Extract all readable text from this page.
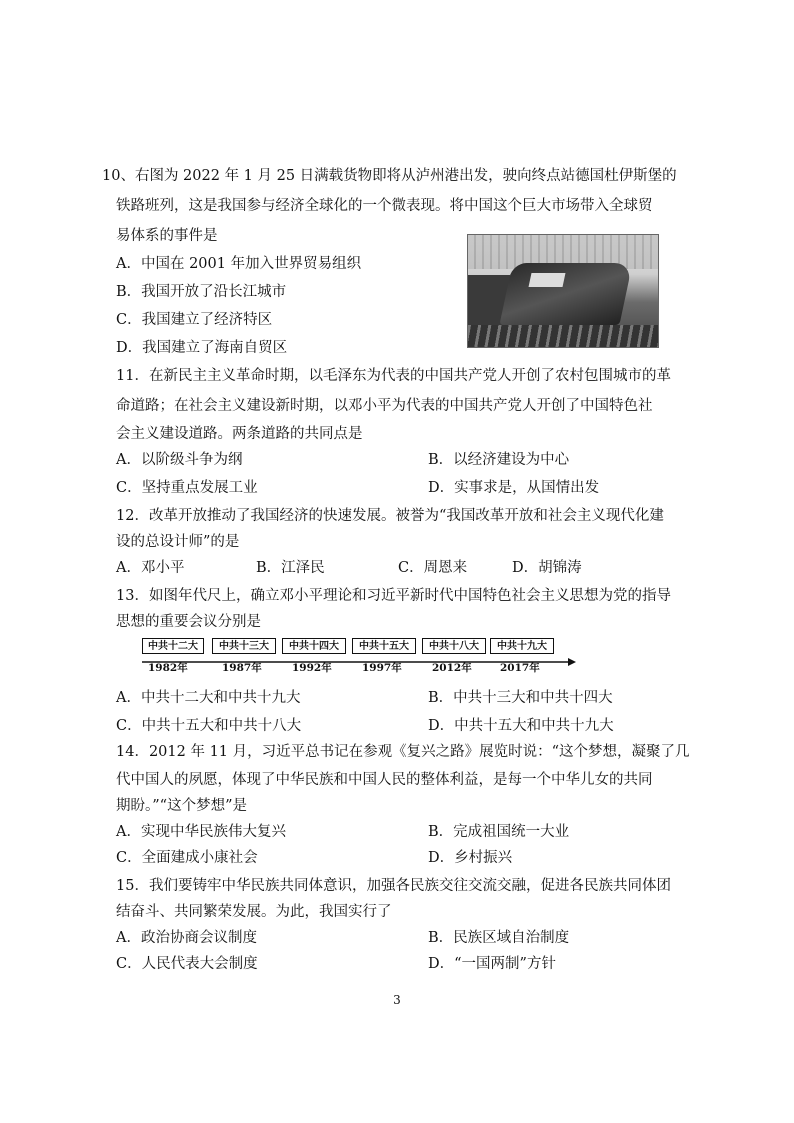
10、右图为 2022 年 1 月 25 日满载货物即将从泸州港出发，驶向终点站德国杜伊斯堡的
铁路班列，这是我国参与经济全球化的一个微表现。将中国这个巨大市场带入全球贸
易体系的事件是
A．中国在 2001 年加入世界贸易组织
B．我国开放了沿长江城市
C．我国建立了经济特区
D．我国建立了海南自贸区
11．在新民主主义革命时期，以毛泽东为代表的中国共产党人开创了农村包围城市的革
命道路；在社会主义建设新时期，以邓小平为代表的中国共产党人开创了中国特色社
会主义建设道路。两条道路的共同点是
A．以阶级斗争为纲	B．以经济建设为中心
C．坚持重点发展工业	D．实事求是，从国情出发
12．改革开放推动了我国经济的快速发展。被誉为“我国改革开放和社会主义现代化建
设的总设计师”的是
A．邓小平	B．江泽民	C．周恩来	D．胡锦涛
13．如图年代尺上，确立邓小平理论和习近平新时代中国特色社会主义思想为党的指导
思想的重要会议分别是
中共十二大	中共十三大	中共十四大	中共十五大	中共十八大	中共十九大
1982年	1987年	1992年	1997年	2012年	2017年
A．中共十二大和中共十九大	B．中共十三大和中共十四大
C．中共十五大和中共十八大	D．中共十五大和中共十九大
14．2012 年 11 月，习近平总书记在参观《复兴之路》展览时说：“这个梦想，凝聚了几
代中国人的夙愿，体现了中华民族和中国人民的整体利益，是每一个中华儿女的共同
期盼。”“这个梦想”是
A．实现中华民族伟大复兴	B．完成祖国统一大业
C．全面建成小康社会	D．乡村振兴
15．我们要铸牢中华民族共同体意识，加强各民族交往交流交融，促进各民族共同体团
结奋斗、共同繁荣发展。为此，我国实行了
A．政治协商会议制度	B．民族区域自治制度
C．人民代表大会制度	D．“一国两制”方针
3
